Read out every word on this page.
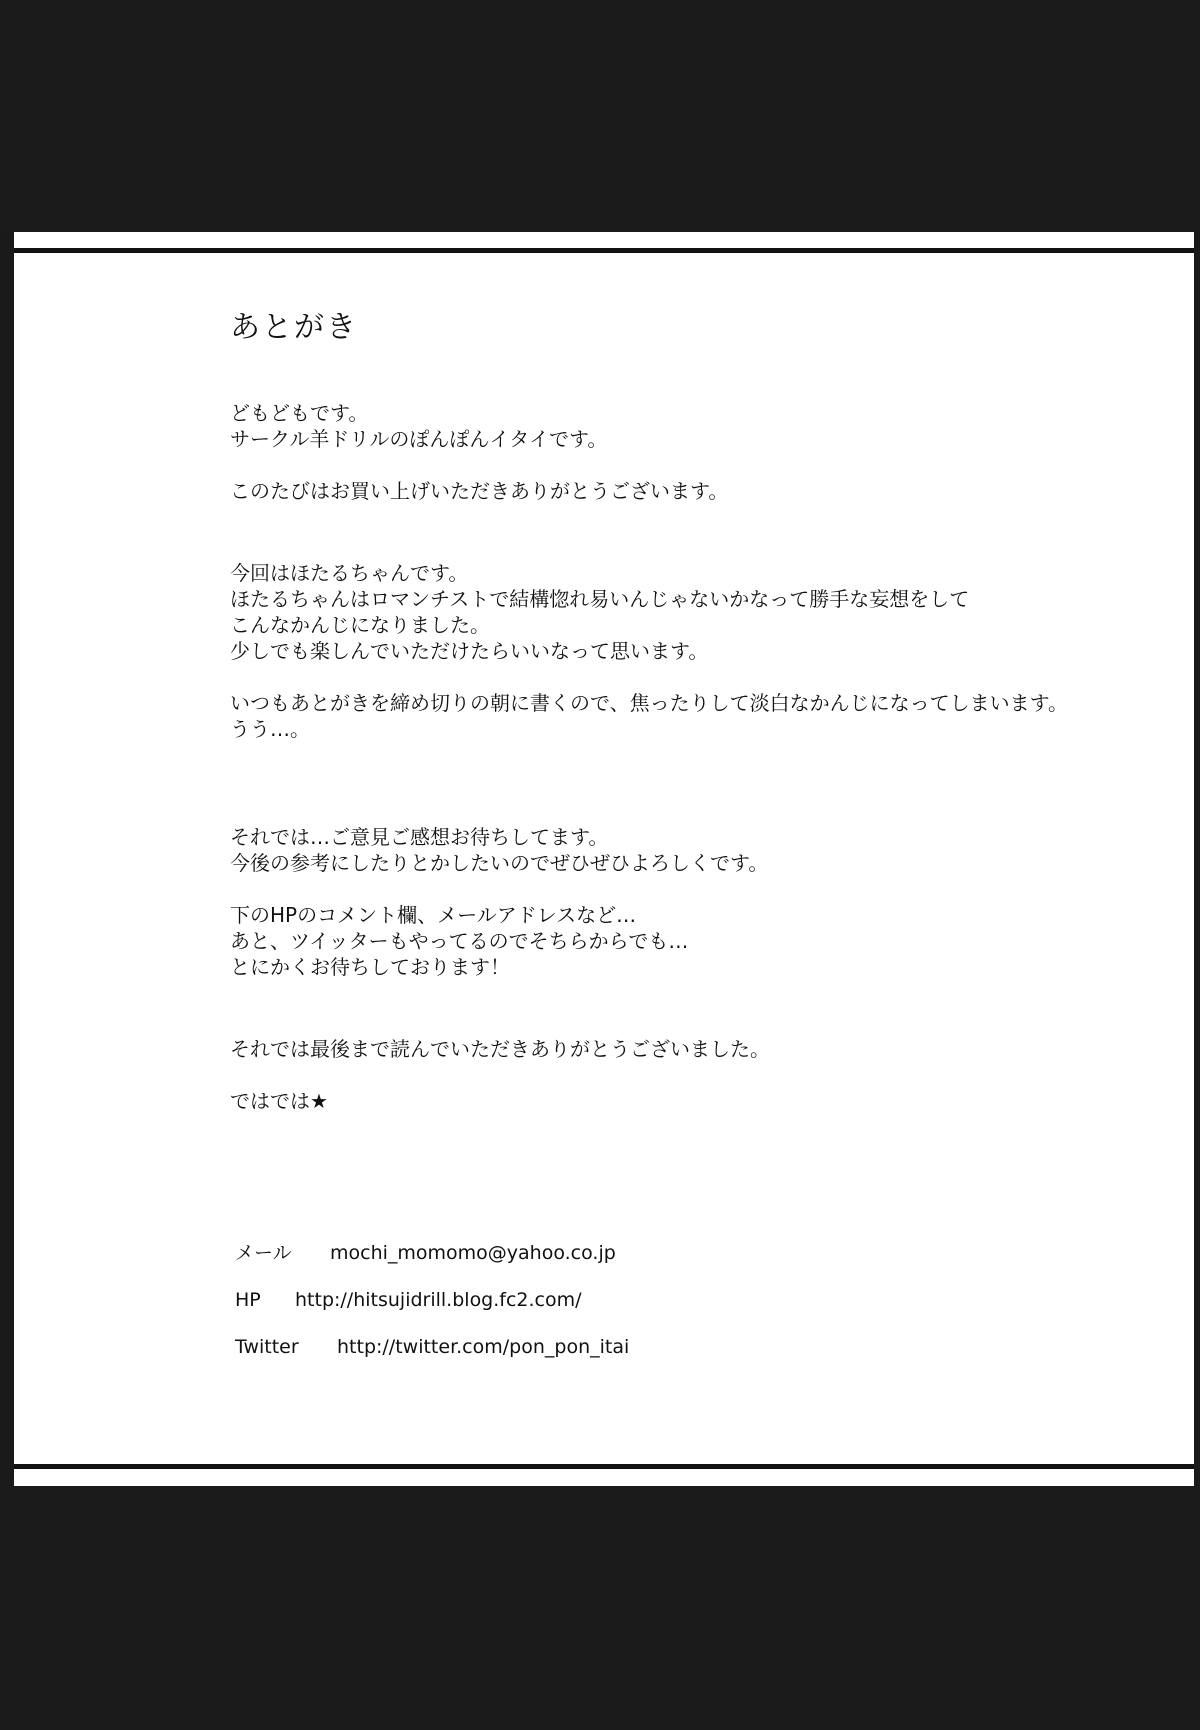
あとがき

どもどもです。
サークル羊ドリルのぽんぽんイタイです。

このたびはお買い上げいただきありがとうございます。

今回はほたるちゃんです。
ほたるちゃんはロマンチストで結構惚れ易いんじゃないかなって勝手な妄想をして
こんなかんじになりました。
少しでも楽しんでいただけたらいいなって思います。

いつもあとがきを締め切りの朝に書くので、焦ったりして淡白なかんじになってしまいます。
うう…。

それでは…ご意見ご感想お待ちしてます。
今後の参考にしたりとかしたいのでぜひぜひよろしくです。

下のHPのコメント欄、メールアドレスなど…
あと、ツイッターもやってるのでそちらからでも…
とにかくお待ちしております！

それでは最後まで読んでいただきありがとうございました。

ではでは★

メール	mochi_momomo@yahoo.co.jp
HP	http://hitsujidrill.blog.fc2.com/
Twitter	http://twitter.com/pon_pon_itai
